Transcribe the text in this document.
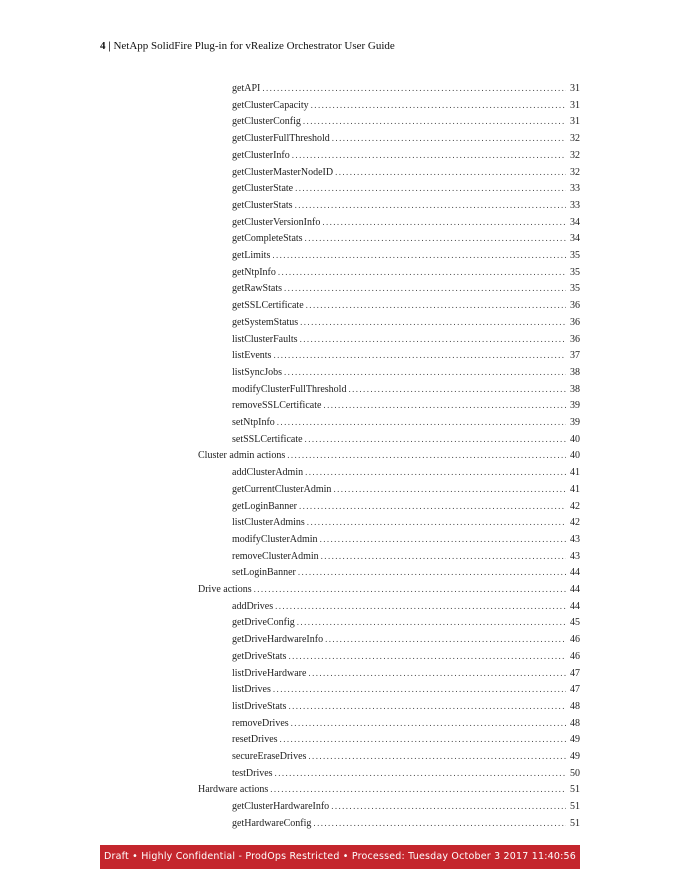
4 | NetApp SolidFire Plug-in for vRealize Orchestrator User Guide
getAPI .....	31
getClusterCapacity .....	31
getClusterConfig .....	31
getClusterFullThreshold .....	32
getClusterInfo .....	32
getClusterMasterNodeID .....	32
getClusterState .....	33
getClusterStats .....	33
getClusterVersionInfo .....	34
getCompleteStats .....	34
getLimits .....	35
getNtpInfo .....	35
getRawStats .....	35
getSSLCertificate .....	36
getSystemStatus .....	36
listClusterFaults .....	36
listEvents .....	37
listSyncJobs .....	38
modifyClusterFullThreshold .....	38
removeSSLCertificate .....	39
setNtpInfo .....	39
setSSLCertificate .....	40
Cluster admin actions .....	40
addClusterAdmin .....	41
getCurrentClusterAdmin .....	41
getLoginBanner .....	42
listClusterAdmins .....	42
modifyClusterAdmin .....	43
removeClusterAdmin .....	43
setLoginBanner .....	44
Drive actions .....	44
addDrives .....	44
getDriveConfig .....	45
getDriveHardwareInfo .....	46
getDriveStats .....	46
listDriveHardware .....	47
listDrives .....	47
listDriveStats .....	48
removeDrives .....	48
resetDrives .....	49
secureEraseDrives .....	49
testDrives .....	50
Hardware actions .....	51
getClusterHardwareInfo .....	51
getHardwareConfig .....	51
Draft • Highly Confidential - ProdOps Restricted • Processed: Tuesday October 3 2017 11:40:56
